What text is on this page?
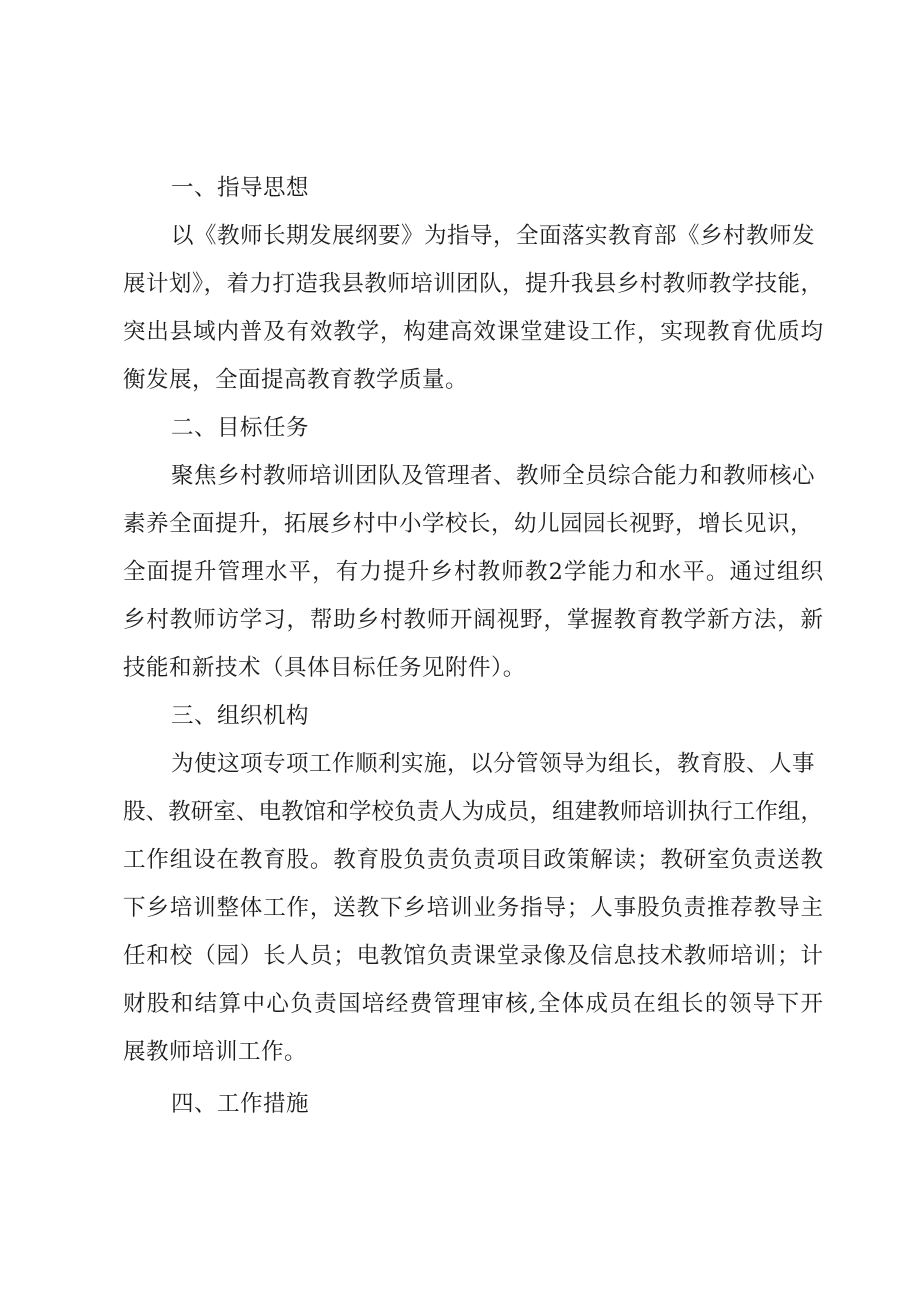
一、指导思想
以《教师长期发展纲要》为指导，全面落实教育部《乡村教师发
展计划》，着力打造我县教师培训团队，提升我县乡村教师教学技能，
突出县域内普及有效教学，构建高效课堂建设工作，实现教育优质均
衡发展，全面提高教育教学质量。
二、目标任务
聚焦乡村教师培训团队及管理者、教师全员综合能力和教师核心
素养全面提升，拓展乡村中小学校长，幼儿园园长视野，增长见识，
全面提升管理水平，有力提升乡村教师教2学能力和水平。通过组织
乡村教师访学习，帮助乡村教师开阔视野，掌握教育教学新方法，新
技能和新技术（具体目标任务见附件）。
三、组织机构
为使这项专项工作顺利实施，以分管领导为组长，教育股、人事
股、教研室、电教馆和学校负责人为成员，组建教师培训执行工作组，
工作组设在教育股。教育股负责负责项目政策解读；教研室负责送教
下乡培训整体工作，送教下乡培训业务指导；人事股负责推荐教导主
任和校（园）长人员；电教馆负责课堂录像及信息技术教师培训；计
财股和结算中心负责国培经费管理审核,全体成员在组长的领导下开
展教师培训工作。
四、工作措施
